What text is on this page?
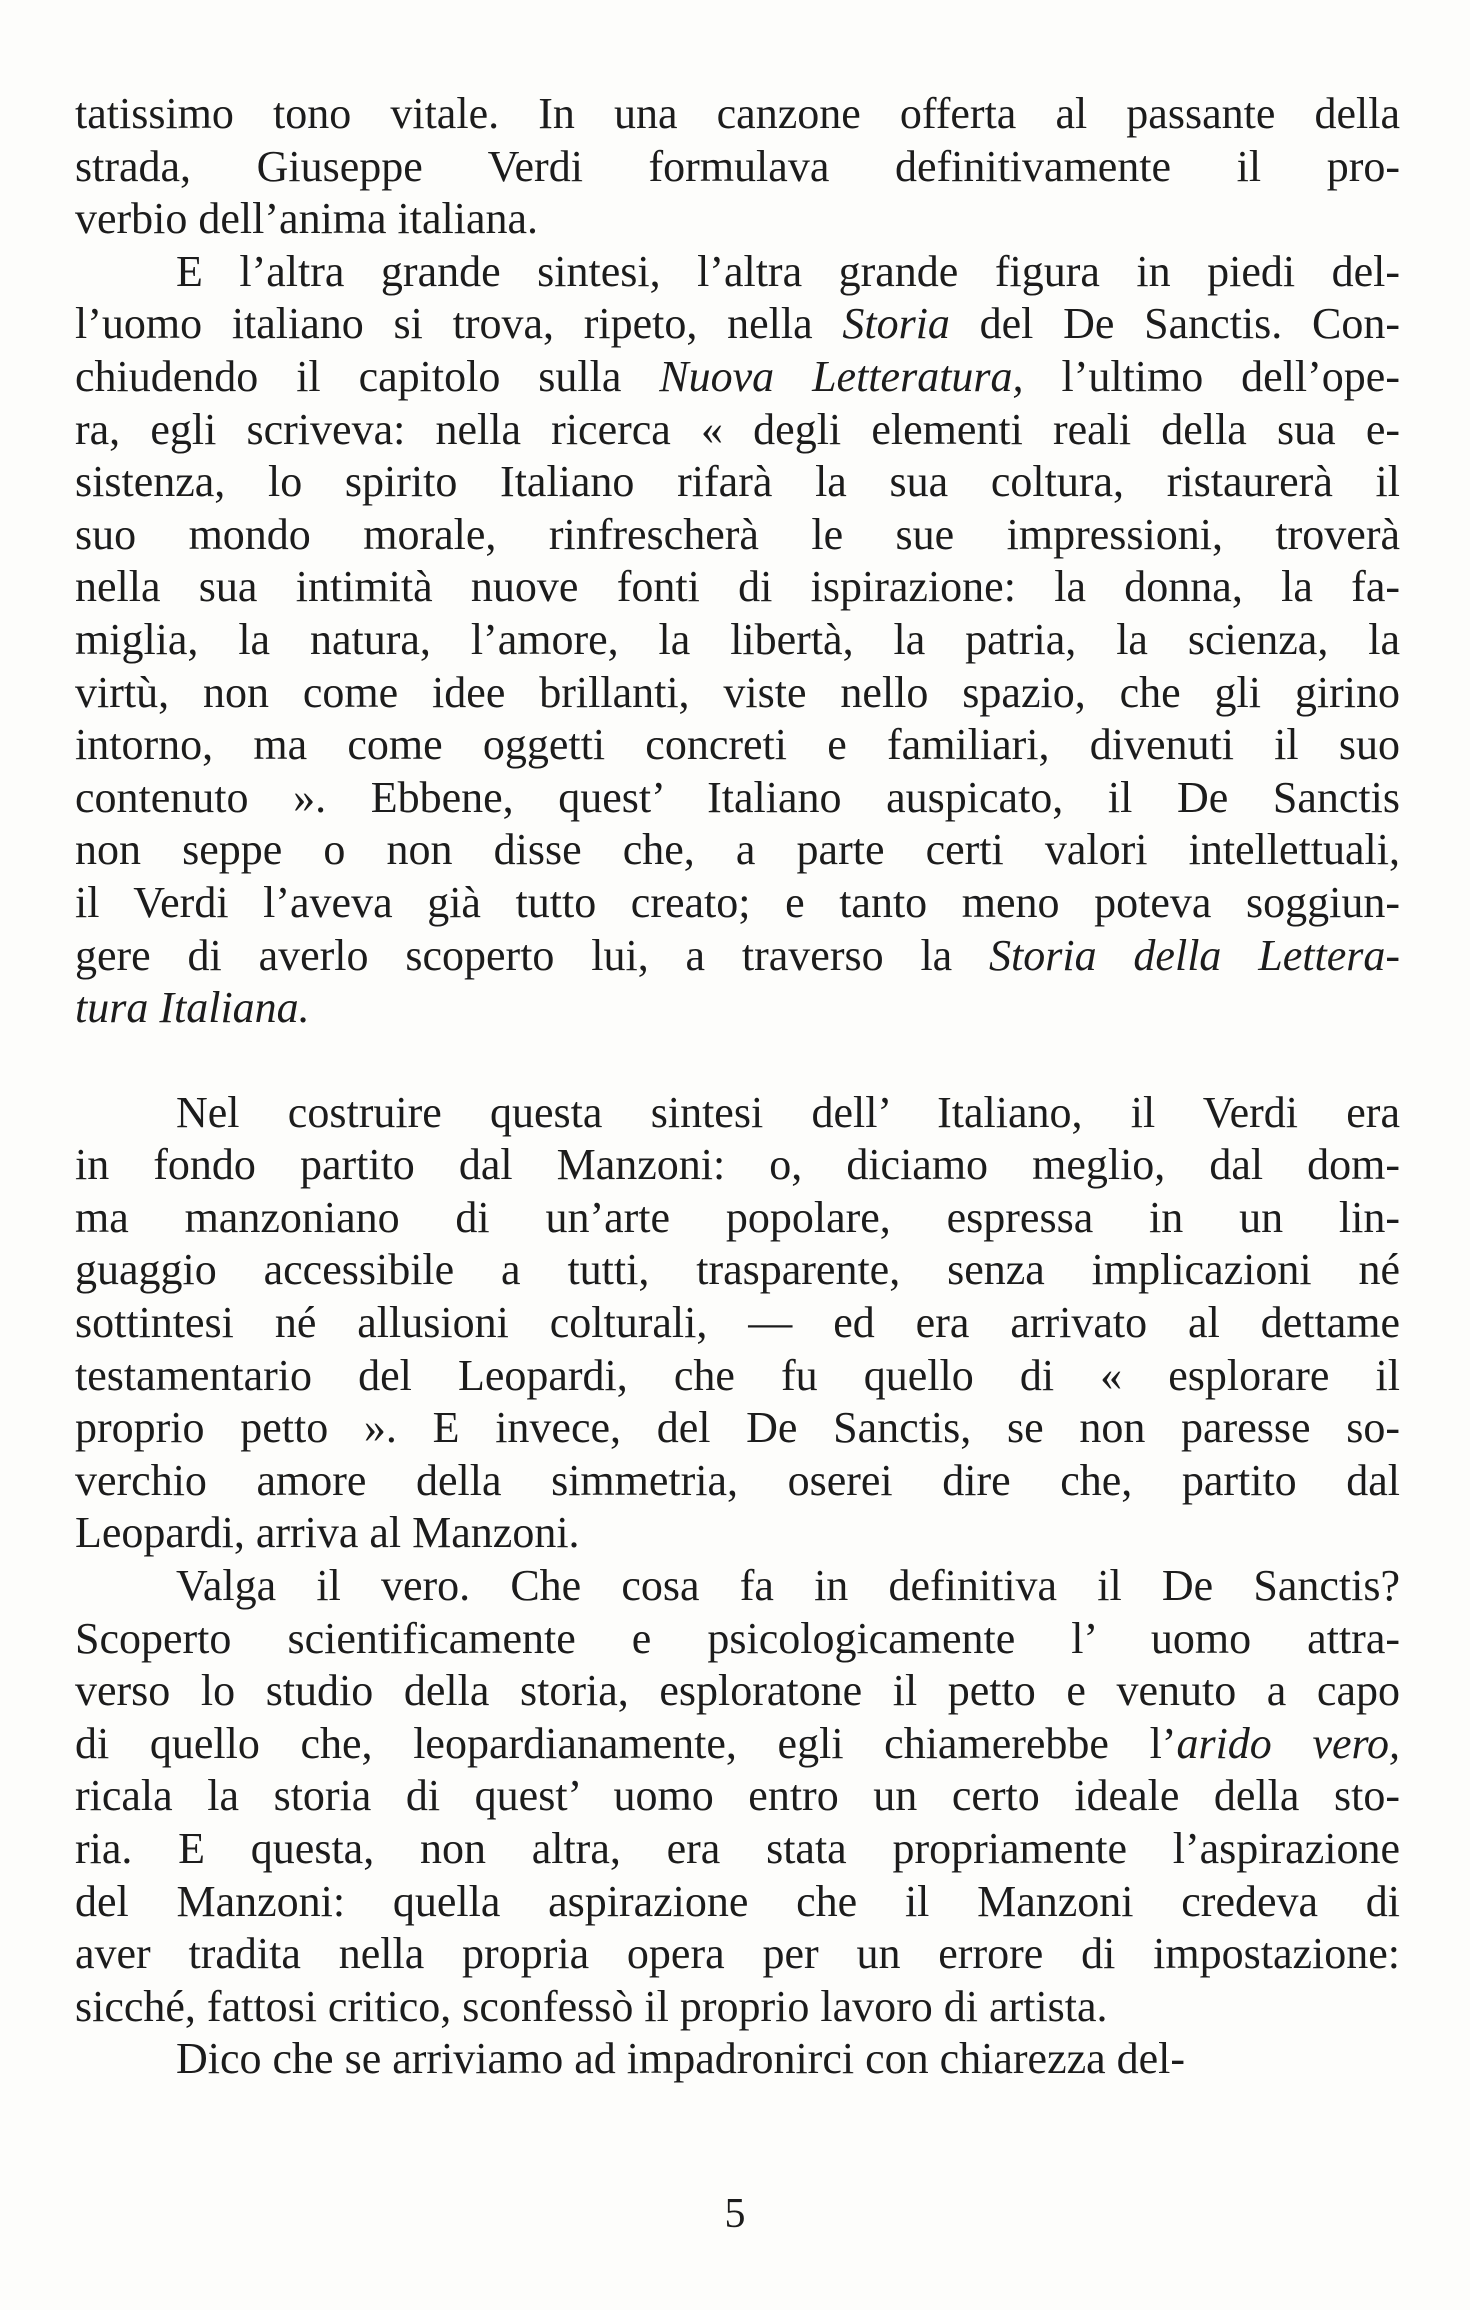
tatissimo tono vitale. In una canzone offerta al passante della
strada, Giuseppe Verdi formulava definitivamente il pro-
verbio dell’anima italiana.
E l’altra grande sintesi, l’altra grande figura in piedi del-
l’uomo italiano si trova, ripeto, nella Storia del De Sanctis. Con-
chiudendo il capitolo sulla Nuova Letteratura, l’ultimo dell’ope-
ra, egli scriveva: nella ricerca « degli elementi reali della sua e-
sistenza, lo spirito Italiano rifarà la sua coltura, ristaurerà il
suo mondo morale, rinfrescherà le sue impressioni, troverà
nella sua intimità nuove fonti di ispirazione: la donna, la fa-
miglia, la natura, l’amore, la libertà, la patria, la scienza, la
virtù, non come idee brillanti, viste nello spazio, che gli girino
intorno, ma come oggetti concreti e familiari, divenuti il suo
contenuto ». Ebbene, quest’ Italiano auspicato, il De Sanctis
non seppe o non disse che, a parte certi valori intellettuali,
il Verdi l’aveva già tutto creato; e tanto meno poteva soggiun-
gere di averlo scoperto lui, a traverso la Storia della Lettera-
tura Italiana.
Nel costruire questa sintesi dell’ Italiano, il Verdi era
in fondo partito dal Manzoni: o, diciamo meglio, dal dom-
ma manzoniano di un’arte popolare, espressa in un lin-
guaggio accessibile a tutti, trasparente, senza implicazioni né
sottintesi né allusioni colturali, — ed era arrivato al dettame
testamentario del Leopardi, che fu quello di « esplorare il
proprio petto ». E invece, del De Sanctis, se non paresse so-
verchio amore della simmetria, oserei dire che, partito dal
Leopardi, arriva al Manzoni.
Valga il vero. Che cosa fa in definitiva il De Sanctis?
Scoperto scientificamente e psicologicamente l’ uomo attra-
verso lo studio della storia, esploratone il petto e venuto a capo
di quello che, leopardianamente, egli chiamerebbe l’arido vero,
ricala la storia di quest’ uomo entro un certo ideale della sto-
ria. E questa, non altra, era stata propriamente l’aspirazione
del Manzoni: quella aspirazione che il Manzoni credeva di
aver tradita nella propria opera per un errore di impostazione:
sicché, fattosi critico, sconfessò il proprio lavoro di artista.
Dico che se arriviamo ad impadronirci con chiarezza del-
5
